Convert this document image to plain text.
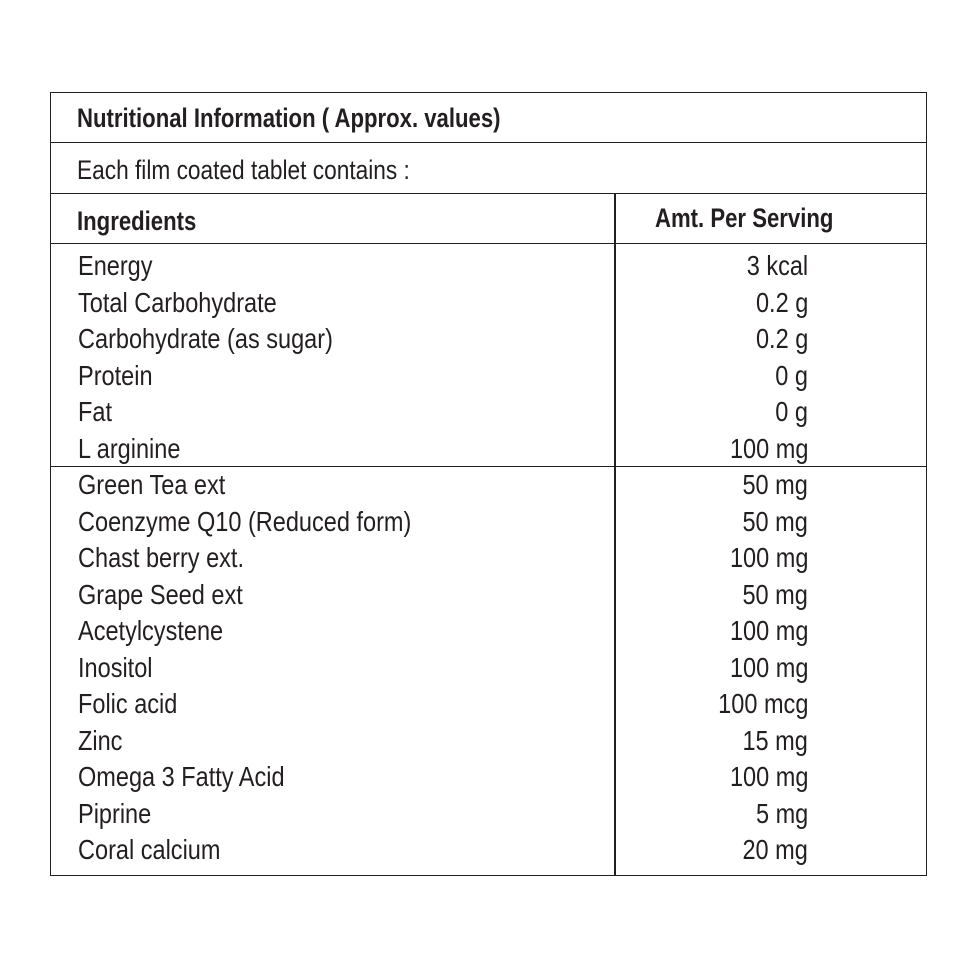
Nutritional Information ( Approx. values)
Each film coated tablet contains :
Ingredients	Amt. Per Serving
Energy	3 kcal
Total Carbohydrate	0.2 g
Carbohydrate (as sugar)	0.2 g
Protein	0 g
Fat	0 g
L arginine	100 mg
Green Tea ext	50 mg
Coenzyme Q10 (Reduced form)	50 mg
Chast berry ext.	100 mg
Grape Seed ext	50 mg
Acetylcystene	100 mg
Inositol	100 mg
Folic acid	100 mcg
Zinc	15 mg
Omega 3 Fatty Acid	100 mg
Piprine	5 mg
Coral calcium	20 mg
